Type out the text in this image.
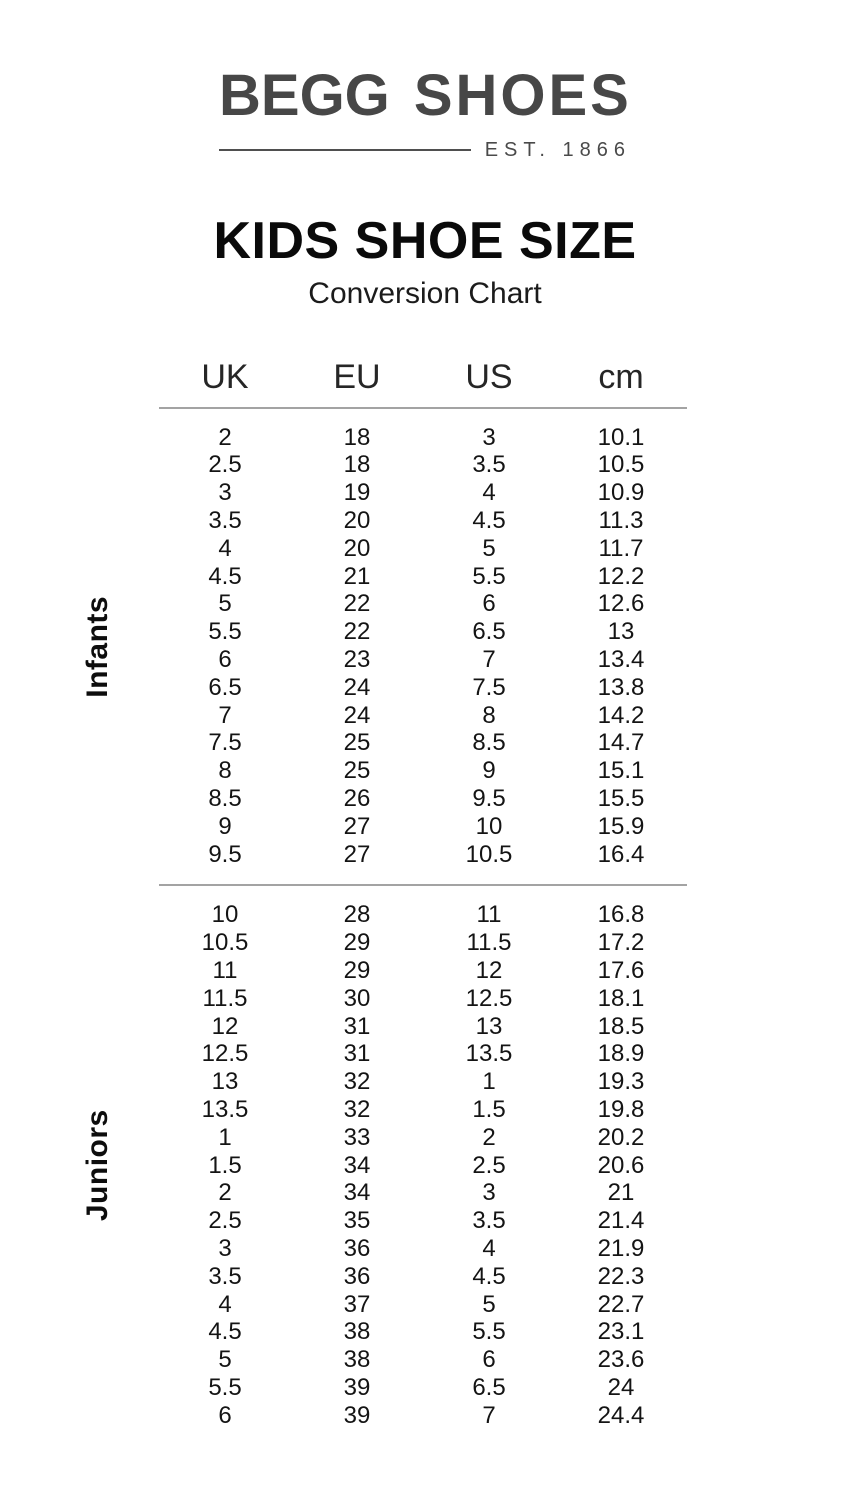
BEGG SHOES
EST. 1866
KIDS SHOE SIZE
Conversion Chart
UK	EU	US	cm
Infants
2	18	3	10.1
2.5	18	3.5	10.5
3	19	4	10.9
3.5	20	4.5	11.3
4	20	5	11.7
4.5	21	5.5	12.2
5	22	6	12.6
5.5	22	6.5	13
6	23	7	13.4
6.5	24	7.5	13.8
7	24	8	14.2
7.5	25	8.5	14.7
8	25	9	15.1
8.5	26	9.5	15.5
9	27	10	15.9
9.5	27	10.5	16.4
Juniors
10	28	11	16.8
10.5	29	11.5	17.2
11	29	12	17.6
11.5	30	12.5	18.1
12	31	13	18.5
12.5	31	13.5	18.9
13	32	1	19.3
13.5	32	1.5	19.8
1	33	2	20.2
1.5	34	2.5	20.6
2	34	3	21
2.5	35	3.5	21.4
3	36	4	21.9
3.5	36	4.5	22.3
4	37	5	22.7
4.5	38	5.5	23.1
5	38	6	23.6
5.5	39	6.5	24
6	39	7	24.4
